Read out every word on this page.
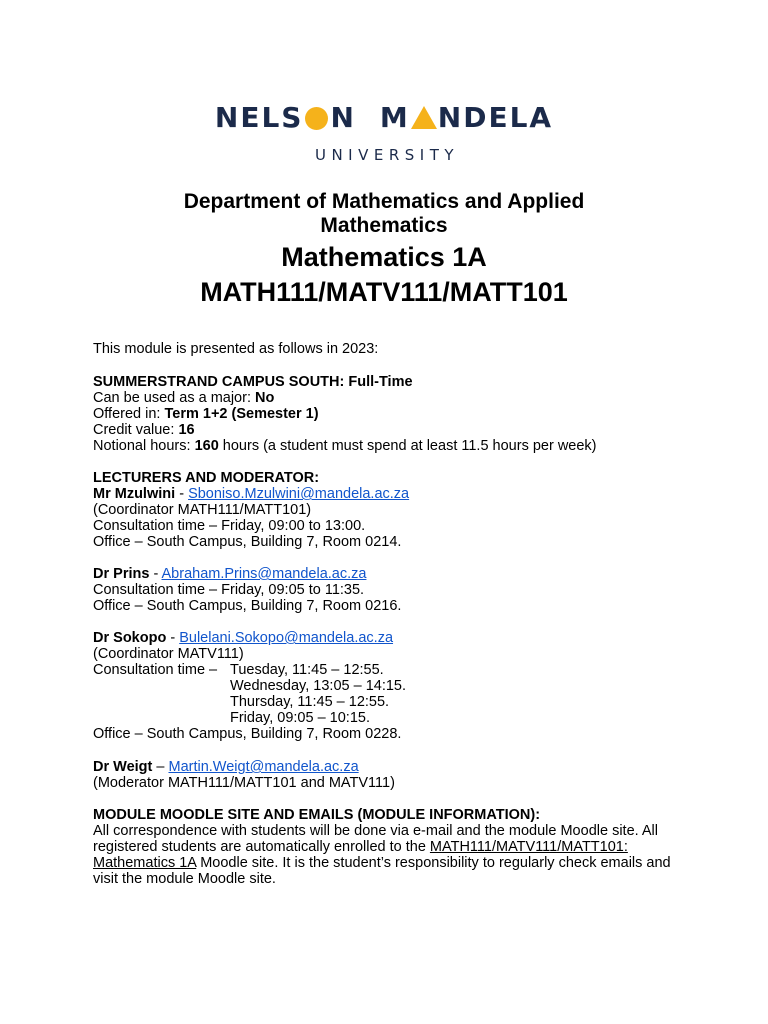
NELS N M NDELA
UNIVERSITY
Department of Mathematics and Applied Mathematics
Mathematics 1A
MATH111/MATV111/MATT101
This module is presented as follows in 2023:
SUMMERSTRAND CAMPUS SOUTH: Full-Time
Can be used as a major: No
Offered in: Term 1+2 (Semester 1)
Credit value: 16
Notional hours: 160 hours (a student must spend at least 11.5 hours per week)
LECTURERS AND MODERATOR:
Mr Mzulwini - Sboniso.Mzulwini@mandela.ac.za
(Coordinator MATH111/MATT101)
Consultation time – Friday, 09:00 to 13:00.
Office – South Campus, Building 7, Room 0214.
Dr Prins - Abraham.Prins@mandela.ac.za
Consultation time – Friday, 09:05 to 11:35.
Office – South Campus, Building 7, Room 0216.
Dr Sokopo - Bulelani.Sokopo@mandela.ac.za
(Coordinator MATV111)
Consultation time – Tuesday, 11:45 – 12:55.
Wednesday, 13:05 – 14:15.
Thursday, 11:45 – 12:55.
Friday, 09:05 – 10:15.
Office – South Campus, Building 7, Room 0228.
Dr Weigt – Martin.Weigt@mandela.ac.za
(Moderator MATH111/MATT101 and MATV111)
MODULE MOODLE SITE AND EMAILS (MODULE INFORMATION):
All correspondence with students will be done via e-mail and the module Moodle site. All registered students are automatically enrolled to the MATH111/MATV111/MATT101: Mathematics 1A Moodle site. It is the student’s responsibility to regularly check emails and visit the module Moodle site.
